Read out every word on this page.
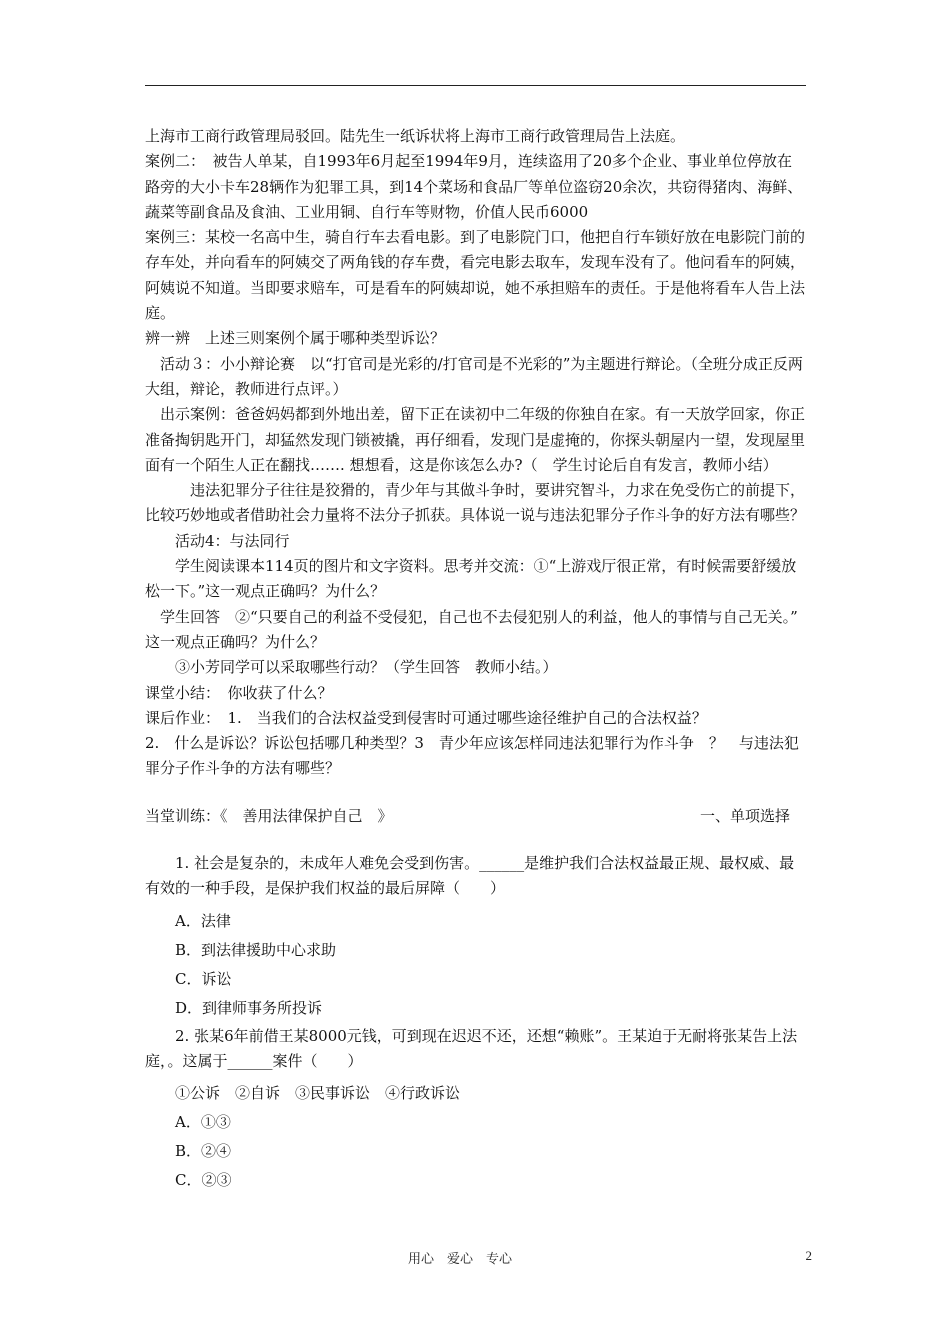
上海市工商行政管理局驳回。陆先生一纸诉状将上海市工商行政管理局告上法庭。

案例二：　被告人单某，自1993年6月起至1994年9月，连续盗用了20多个企业、事业单位停放在路旁的大小卡车28辆作为犯罪工具，到14个菜场和食品厂等单位盗窃20余次，共窃得猪肉、海鲜、蔬菜等副食品及食油、工业用铜、自行车等财物，价值人民币6000

案例三：某校一名高中生，骑自行车去看电影。到了电影院门口，他把自行车锁好放在电影院门前的存车处，并向看车的阿姨交了两角钱的存车费，看完电影去取车，发现车没有了。他问看车的阿姨，阿姨说不知道。当即要求赔车，可是看车的阿姨却说，她不承担赔车的责任。于是他将看车人告上法庭。

辨一辨　上述三则案例个属于哪种类型诉讼？

活动３：小小辩论赛　以“打官司是光彩的/打官司是不光彩的”为主题进行辩论。（全班分成正反两大组，辩论，教师进行点评。）

出示案例：爸爸妈妈都到外地出差，留下正在读初中二年级的你独自在家。有一天放学回家，你正准备掏钥匙开门，却猛然发现门锁被撬，再仔细看，发现门是虚掩的，你探头朝屋内一望，发现屋里面有一个陌生人正在翻找……. 想想看，这是你该怎么办?（　学生讨论后自有发言，教师小结）

违法犯罪分子往往是狡猾的，青少年与其做斗争时，要讲究智斗，力求在免受伤亡的前提下，比较巧妙地或者借助社会力量将不法分子抓获。具体说一说与违法犯罪分子作斗争的好方法有哪些？

活动4：与法同行

学生阅读课本114页的图片和文字资料。思考并交流：①“上游戏厅很正常，有时候需要舒缓放松一下。”这一观点正确吗？为什么？

学生回答　②“只要自己的利益不受侵犯，自己也不去侵犯别人的利益，他人的事情与自己无关。”　这一观点正确吗？为什么？

③小芳同学可以采取哪些行动？（学生回答　教师小结。）

课堂小结：　你收获了什么？

课后作业：　1.　当我们的合法权益受到侵害时可通过哪些途径维护自己的合法权益？

2.　什么是诉讼？诉讼包括哪几种类型？3　青少年应该怎样同违法犯罪行为作斗争　？　与违法犯罪分子作斗争的方法有哪些？

当堂训练：《　善用法律保护自己　》	一、单项选择

1. 社会是复杂的，未成年人难免会受到伤害。______是维护我们合法权益最正规、最权威、最有效的一种手段，是保护我们权益的最后屏障（　　）

A．法律

B．到法律援助中心求助

C．诉讼

D．到律师事务所投诉

2. 张某6年前借王某8000元钱，可到现在迟迟不还，还想“赖账”。王某迫于无耐将张某告上法庭，。这属于______案件（　　）

①公诉　②自诉　③民事诉讼　④行政诉讼

A．①③

B．②④

C．②③

用心　爱心　专心	2
